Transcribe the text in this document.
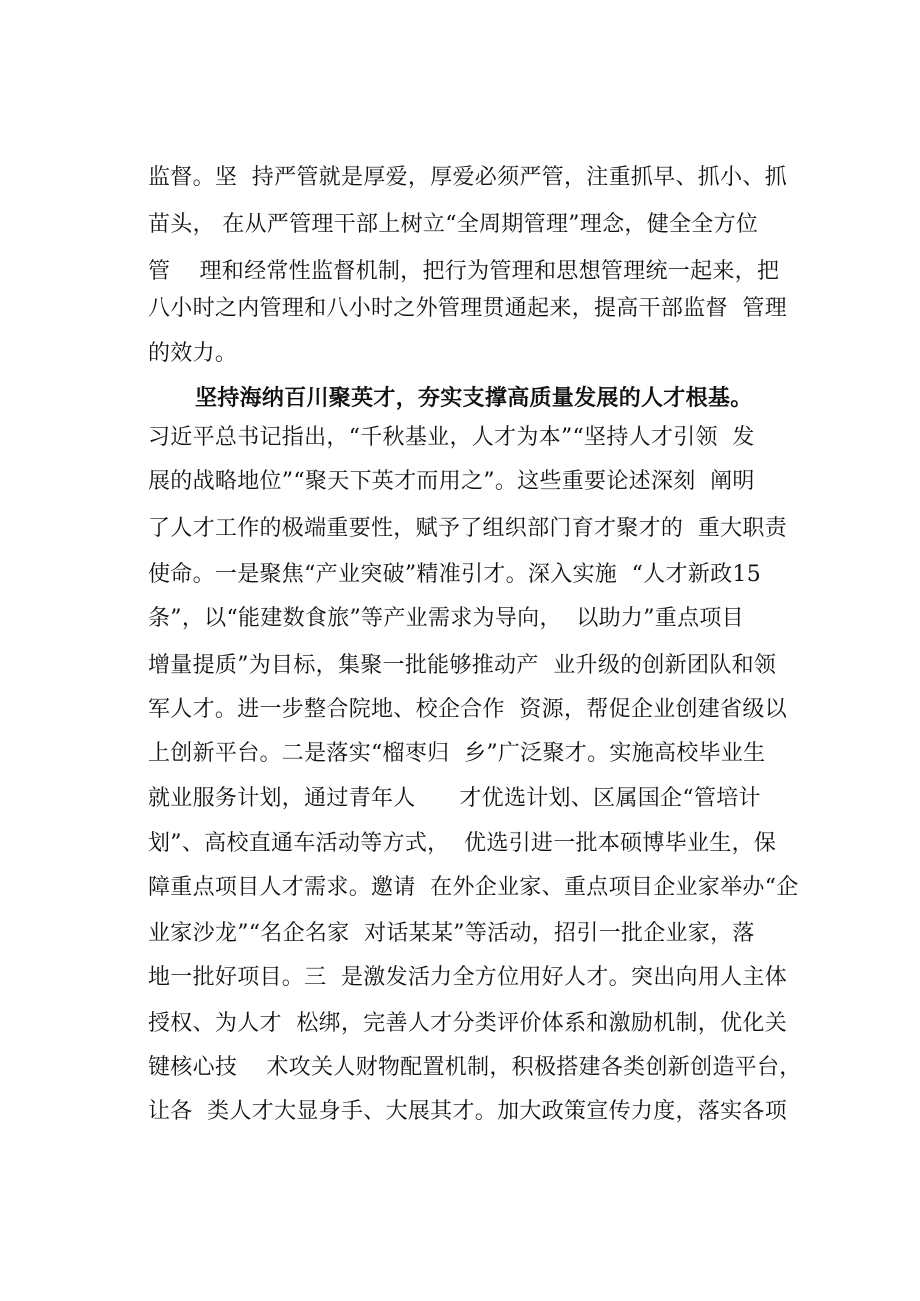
监督。坚  持严管就是厚爱，厚爱必须严管，注重抓早、抓小、抓
苗头， 在从严管理干部上树立“全周期管理”理念，健全全方位
管    理和经常性监督机制，把行为管理和思想管理统一起来，把
八小时之内管理和八小时之外管理贯通起来，提高干部监督  管理
的效力。
坚持海纳百川聚英才，夯实支撑高质量发展的人才根基。
习近平总书记指出，“千秋基业，人才为本”“坚持人才引领  发
展的战略地位”“聚天下英才而用之”。这些重要论述深刻  阐明
了人才工作的极端重要性，赋予了组织部门育才聚才的  重大职责
使命。一是聚焦“产业突破”精准引才。深入实施  “人才新政15
条”，以“能建数食旅”等产业需求为导向，  以助力”重点项目
增量提质”为目标，集聚一批能够推动产  业升级的创新团队和领
军人才。进一步整合院地、校企合作  资源，帮促企业创建省级以
上创新平台。二是落实“榴枣归  乡”广泛聚才。实施高校毕业生
就业服务计划，通过青年人      才优选计划、区属国企“管培计
划”、高校直通车活动等方式，  优选引进一批本硕博毕业生，保
障重点项目人才需求。邀请  在外企业家、重点项目企业家举办“企
业家沙龙”“名企名家  对话某某”等活动，招引一批企业家，落
地一批好项目。三  是激发活力全方位用好人才。突出向用人主体
授权、为人才  松绑，完善人才分类评价体系和激励机制，优化关
键核心技    术攻关人财物配置机制，积极搭建各类创新创造平台，
让各  类人才大显身手、大展其才。加大政策宣传力度，落实各项
